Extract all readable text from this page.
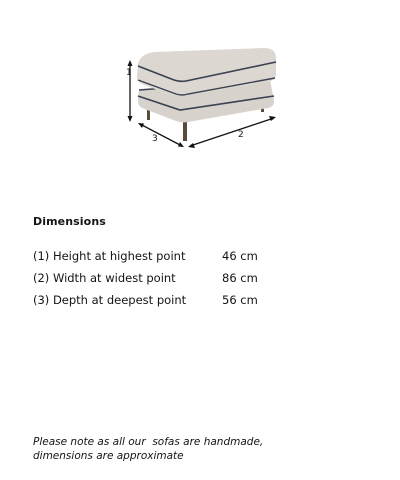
1
2
3
Dimensions
(1) Height at highest point	46 cm
(2) Width at widest point	86 cm
(3) Depth at deepest point	56 cm
Please note as all our  sofas are handmade,
dimensions are approximate
